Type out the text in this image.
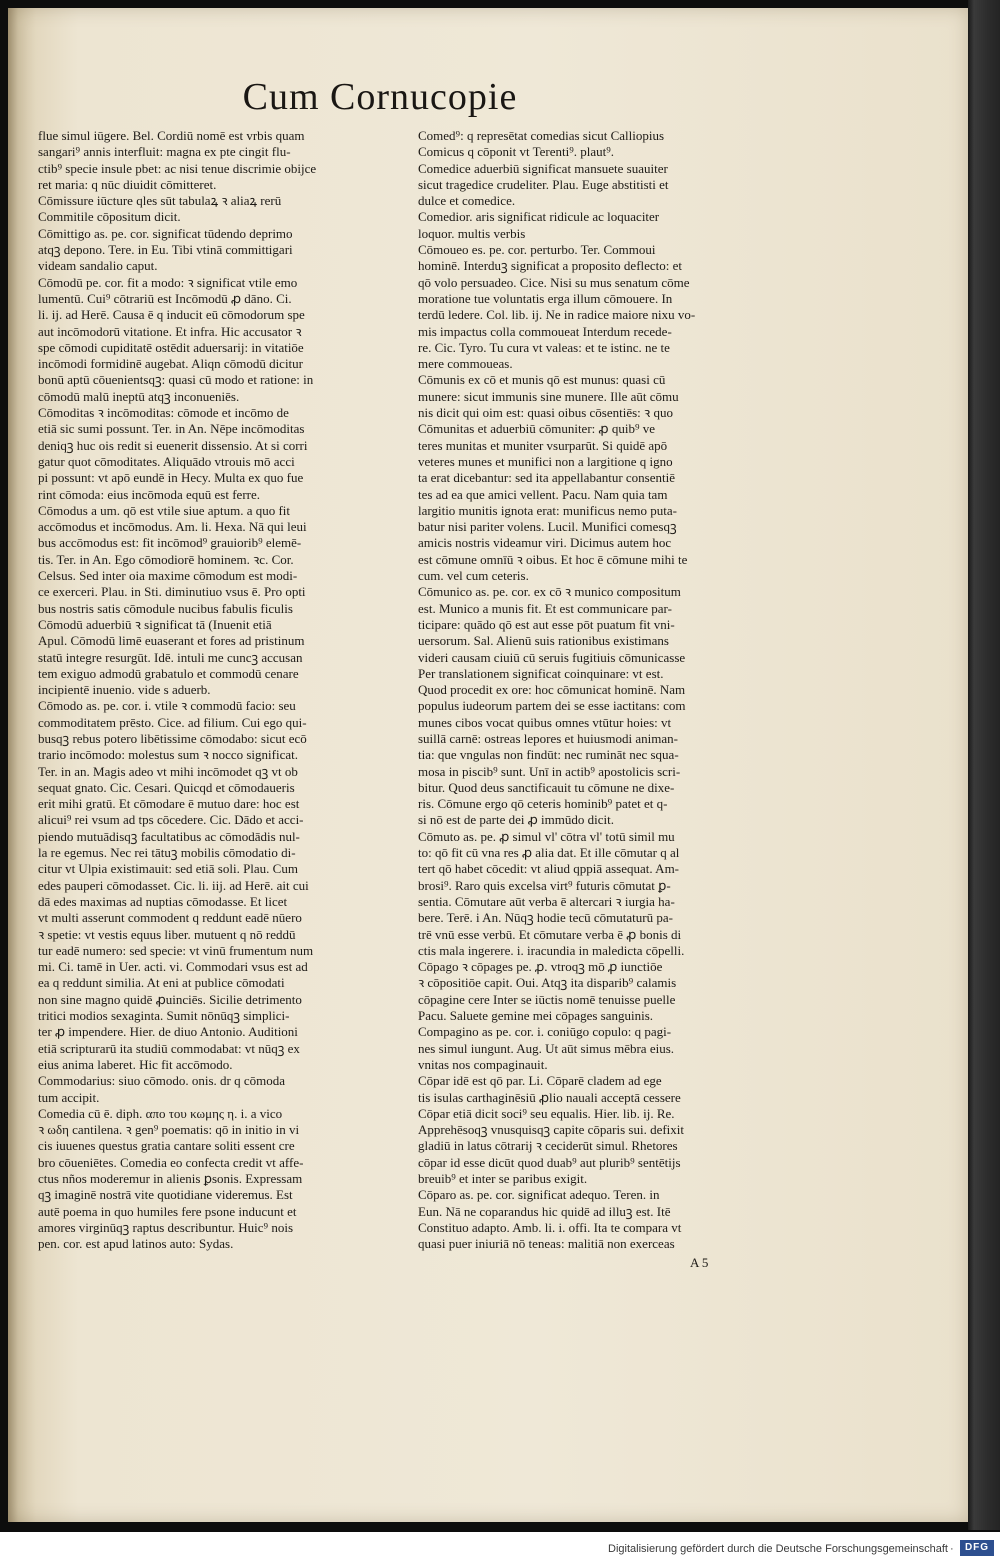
Cum Cornucopie
flue simul iūgere. Bel. Cordiū nomē est vrbis quam
sangari⁹ annis interfluit: magna ex pte cingit flu-
ctib⁹ specie insule pbet: ac nisi tenue discrimie obijce
ret maria: q nūc diuidit cōmitteret.
Cōmissure iūcture qles sūt tabulaꝝ ꝛ aliaꝝ rerū
Commitile cōpositum dicit.
Cōmittigo as. pe. cor. significat tūdendo deprimo
atqꝫ depono. Tere. in Eu. Tibi vtinā committigari
videam sandalio caput.
Cōmodū pe. cor. fit a modo: ꝛ significat vtile emo
lumentū. Cui⁹ cōtrariū est Incōmodū ꝓ dāno. Ci.
li. ij. ad Herē. Causa ē q inducit eū cōmodorum spe
aut incōmodorū vitatione. Et infra. Hic accusator ꝛ
spe cōmodi cupiditatē ostēdit aduersarij: in vitatiōe
incōmodi formidinē augebat. Aliqn cōmodū dicitur
bonū aptū cōuenientsqꝫ: quasi cū modo et ratione: in
cōmodū malū ineptū atqꝫ inconueniēs.
Cōmoditas ꝛ incōmoditas: cōmode et incōmo de
etiā sic sumi possunt. Ter. in An. Nēpe incōmoditas
deniqꝫ huc ois redit si euenerit dissensio. At si corri
gatur quot cōmoditates. Aliquādo vtrouis mō acci
pi possunt: vt apō eundē in Hecy. Multa ex quo fue
rint cōmoda: eius incōmoda equū est ferre.
Cōmodus a um. qō est vtile siue aptum. a quo fit
accōmodus et incōmodus. Am. li. Hexa. Nā qui leui
bus accōmodus est: fit incōmod⁹ grauiorib⁹ elemē-
tis. Ter. in An. Ego cōmodiorē hominem. ꝛc. Cor.
Celsus. Sed inter oia maxime cōmodum est modi-
ce exerceri. Plau. in Sti. diminutiuo vsus ē. Pro opti
bus nostris satis cōmodule nucibus fabulis ficulis
Cōmodū aduerbiū ꝛ significat tā (Inuenit etiā
Apul. Cōmodū limē euaserant et fores ad pristinum
statū integre resurgūt. Idē. intuli me cuncꝫ accusan
tem exiguo admodū grabatulo et commodū cenare
incipientē inuenio. vide s aduerb.
Cōmodo as. pe. cor. i. vtile ꝛ commodū facio: seu
commoditatem prēsto. Cice. ad filium. Cui ego qui-
busqꝫ rebus potero libētissime cōmodabo: sicut ecō
trario incōmodo: molestus sum ꝛ nocco significat.
Ter. in an. Magis adeo vt mihi incōmodet qꝫ vt ob
sequat gnato. Cic. Cesari. Quicqd et cōmodaueris
erit mihi gratū. Et cōmodare ē mutuo dare: hoc est
alicui⁹ rei vsum ad tps cōcedere. Cic. Dādo et acci-
piendo mutuādisqꝫ facultatibus ac cōmodādis nul-
la re egemus. Nec rei tātuꝫ mobilis cōmodatio di-
citur vt Ulpia existimauit: sed etiā soli. Plau. Cum
edes pauperi cōmodasset. Cic. li. iij. ad Herē. ait cui
dā edes maximas ad nuptias cōmodasse. Et licet
vt multi asserunt commodent q reddunt eadē nūero
ꝛ spetie: vt vestis equus liber. mutuent q nō reddū
tur eadē numero: sed specie: vt vinū frumentum num
mi. Ci. tamē in Uer. acti. vi. Commodari vsus est ad
ea q reddunt similia. At eni at publice cōmodati
non sine magno quidē ꝓuinciēs. Sicilie detrimento
tritici modios sexaginta. Sumit nōnūqꝫ simplici-
ter ꝓ impendere. Hier. de diuo Antonio. Auditioni
etiā scripturarū ita studiū commodabat: vt nūqꝫ ex
eius anima laberet. Hic fit accōmodo.
Commodarius: siuo cōmodo. onis. dr q cōmoda
tum accipit.
Comedia cū ē. diph. απο του κωμης η. i. a vico
ꝛ ωδη cantilena. ꝛ gen⁹ poematis: qō in initio in vi
cis iuuenes questus gratia cantare soliti essent cre
bro cōueniētes. Comedia eo confecta credit vt affe-
ctus nños moderemur in alienis ꝑsonis. Expressam
qꝫ imaginē nostrā vite quotidiane videremus. Est
autē poema in quo humiles fere psone inducunt et
amores virginūqꝫ raptus describuntur. Huic⁹ nois
pen. cor. est apud latinos auto: Sydas.
Comed⁹: q represētat comedias sicut Calliopius
Comicus q cōponit vt Terenti⁹. plaut⁹.
Comedice aduerbiū significat mansuete suauiter
sicut tragedice crudeliter. Plau. Euge abstitisti et
dulce et comedice.
Comedior. aris significat ridicule ac loquaciter
loquor. multis verbis
Cōmoueo es. pe. cor. perturbo. Ter. Commoui
hominē. Interduꝫ significat a proposito deflecto: et
qō volo persuadeo. Cice. Nisi su mus senatum cōme
moratione tue voluntatis erga illum cōmouere. In
terdū ledere. Col. lib. ij. Ne in radice maiore nixu vo-
mis impactus colla commoueat Interdum recede-
re. Cic. Tyro. Tu cura vt valeas: et te istinc. ne te
mere commoueas.
Cōmunis ex cō et munis qō est munus: quasi cū
munere: sicut immunis sine munere. Ille aūt cōmu
nis dicit qui oim est: quasi oibus cōsentiēs: ꝛ quo
Cōmunitas et aduerbiū cōmuniter: ꝓ quib⁹ ve
teres munitas et muniter vsurparūt. Si quidē apō
veteres munes et munifici non a largitione q igno
ta erat dicebantur: sed ita appellabantur consentiē
tes ad ea que amici vellent. Pacu. Nam quia tam
largitio munitis ignota erat: munificus nemo puta-
batur nisi pariter volens. Lucil. Munifici comesqꝫ
amicis nostris videamur viri. Dicimus autem hoc
est cōmune omnīū ꝛ oibus. Et hoc ē cōmune mihi te
cum. vel cum ceteris.
Cōmunico as. pe. cor. ex cō ꝛ munico compositum
est. Munico a munis fit. Et est communicare par-
ticipare: quādo qō est aut esse pōt puatum fit vni-
uersorum. Sal. Alienū suis rationibus existimans
videri causam ciuiū cū seruis fugitiuis cōmunicasse
Per translationem significat coinquinare: vt est.
Quod procedit ex ore: hoc cōmunicat hominē. Nam
populus iudeorum partem dei se esse iactitans: com
munes cibos vocat quibus omnes vtūtur hoies: vt
suillā carnē: ostreas lepores et huiusmodi animan-
tia: que vngulas non findūt: nec rumināt nec squa-
mosa in piscib⁹ sunt. Unī in actib⁹ apostolicis scri-
bitur. Quod deus sanctificauit tu cōmune ne dixe-
ris. Cōmune ergo qō ceteris hominib⁹ patet et q-
si nō est de parte dei ꝓ immūdo dicit.
Cōmuto as. pe. ꝓ simul vl' cōtra vl' totū simil mu
to: qō fit cū vna res ꝓ alia dat. Et ille cōmutar q al
tert qō habet cōcedit: vt aliud qppiā assequat. Am-
brosi⁹. Raro quis excelsa virt⁹ futuris cōmutat ꝑ-
sentia. Cōmutare aūt verba ē altercari ꝛ iurgia ha-
bere. Terē. i An. Nūqꝫ hodie tecū cōmutaturū pa-
trē vnū esse verbū. Et cōmutare verba ē ꝓ bonis di
ctis mala ingerere. i. iracundia in maledicta cōpelli.
Cōpago ꝛ cōpages pe. ꝓ. vtroqꝫ mō ꝓ iunctiōe
ꝛ cōpositiōe capit. Oui. Atqꝫ ita disparib⁹ calamis
cōpagine cere Inter se iūctis nomē tenuisse puelle
Pacu. Saluete gemine mei cōpages sanguinis.
Compagino as pe. cor. i. coniūgo copulo: q pagi-
nes simul iungunt. Aug. Ut aūt simus mēbra eius.
vnitas nos compaginauit.
Cōpar idē est qō par. Li. Cōparē cladem ad ege
tis isulas carthaginēsiū ꝓlio nauali acceptā cessere
Cōpar etiā dicit soci⁹ seu equalis. Hier. lib. ij. Re.
Apprehēsoqꝫ vnusquisqꝫ capite cōparis sui. defixit
gladiū in latus cōtrarij ꝛ ceciderūt simul. Rhetores
cōpar id esse dicūt quod duab⁹ aut plurib⁹ sentētijs
breuib⁹ et inter se paribus exigit.
Cōparo as. pe. cor. significat adequo. Teren. in
Eun. Nā ne coparandus hic quidē ad illuꝫ est. Itē
Constituo adapto. Amb. li. i. offi. Ita te compara vt
quasi puer iniuriā nō teneas: malitiā non exerceas
A 5
Digitalisierung gefördert durch die Deutsche Forschungsgemeinschaft ·	DFG
